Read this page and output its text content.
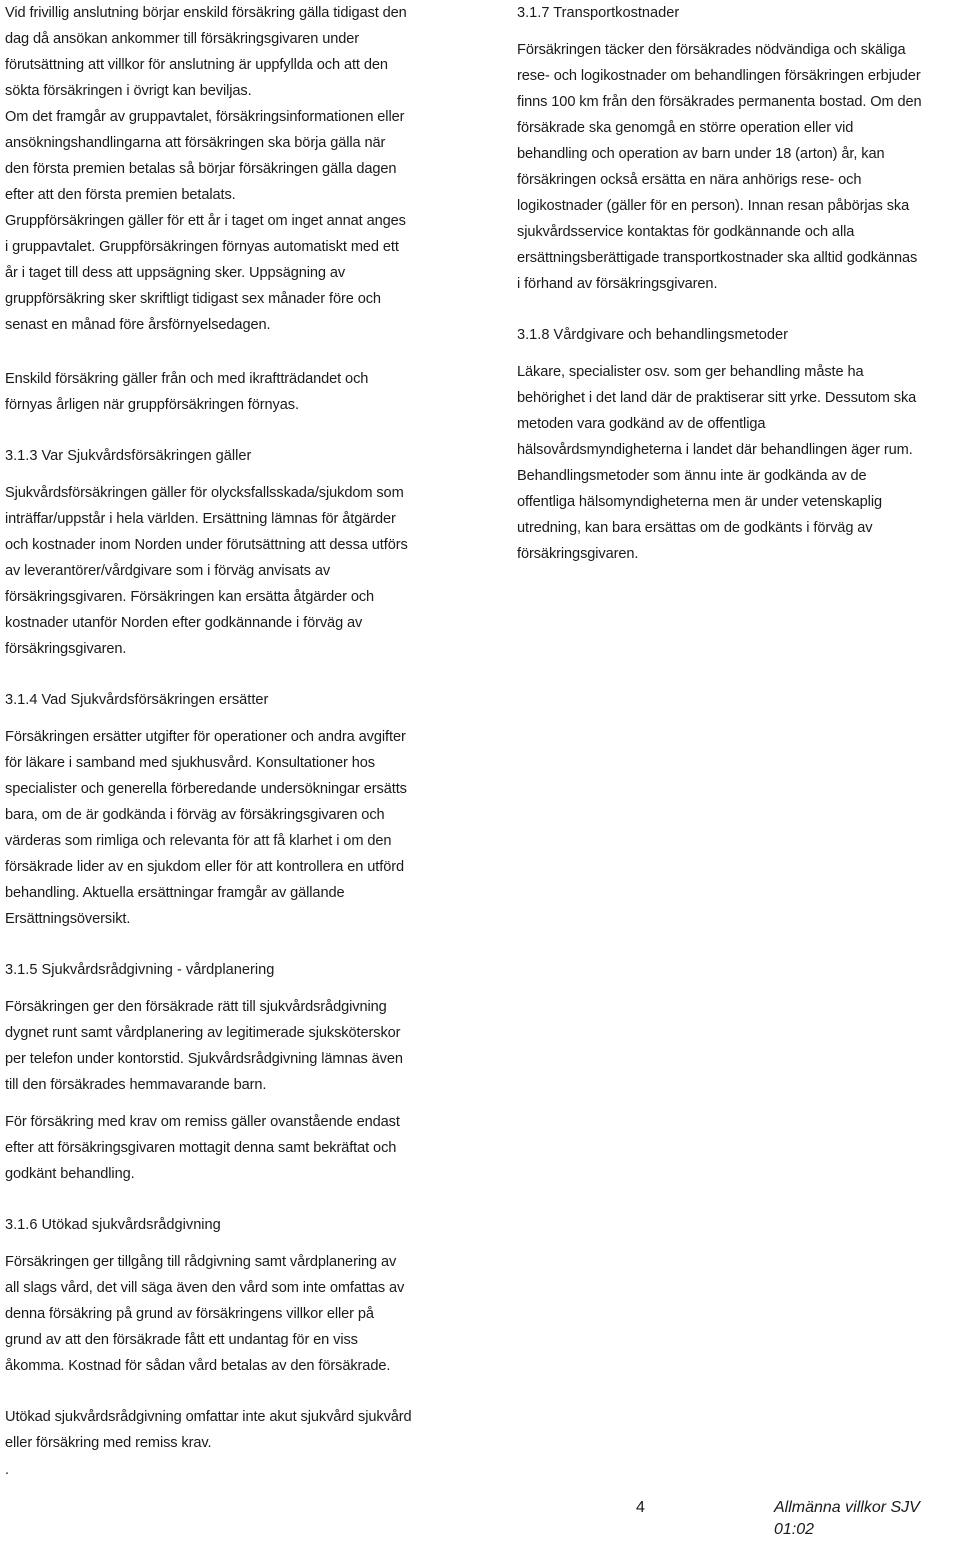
Vid frivillig anslutning börjar enskild försäkring gälla tidigast den
dag då ansökan ankommer till försäkringsgivaren under
förutsättning att villkor för anslutning är uppfyllda och att den
sökta försäkringen i övrigt kan beviljas.
Om det framgår av gruppavtalet, försäkringsinformationen eller
ansökningshandlingarna att försäkringen ska börja gälla när
den första premien betalas så börjar försäkringen gälla dagen
efter att den första premien betalats.
Gruppförsäkringen gäller för ett år i taget om inget annat anges
i gruppavtalet. Gruppförsäkringen förnyas automatiskt med ett
år i taget till dess att uppsägning sker. Uppsägning av
gruppförsäkring sker skriftligt tidigast sex månader före och
senast en månad före årsförnyelsedagen.

Enskild försäkring gäller från och med ikraftträdandet och
förnyas årligen när gruppförsäkringen förnyas.

3.1.3 Var Sjukvårdsförsäkringen gäller

Sjukvårdsförsäkringen gäller för olycksfallsskada/sjukdom som
inträffar/uppstår i hela världen. Ersättning lämnas för åtgärder
och kostnader inom Norden under förutsättning att dessa utförs
av leverantörer/vårdgivare som i förväg anvisats av
försäkringsgivaren. Försäkringen kan ersätta åtgärder och
kostnader utanför Norden efter godkännande i förväg av
försäkringsgivaren.

3.1.4 Vad Sjukvårdsförsäkringen ersätter

Försäkringen ersätter utgifter för operationer och andra avgifter
för läkare i samband med sjukhusvård. Konsultationer hos
specialister och generella förberedande undersökningar ersätts
bara, om de är godkända i förväg av försäkringsgivaren och
värderas som rimliga och relevanta för att få klarhet i om den
försäkrade lider av en sjukdom eller för att kontrollera en utförd
behandling. Aktuella ersättningar framgår av gällande
Ersättningsöversikt.

3.1.5 Sjukvårdsrådgivning - vårdplanering

Försäkringen ger den försäkrade rätt till sjukvårdsrådgivning
dygnet runt samt vårdplanering av legitimerade sjuksköterskor
per telefon under kontorstid. Sjukvårdsrådgivning lämnas även
till den försäkrades hemmavarande barn.

För försäkring med krav om remiss gäller ovanstående endast
efter att försäkringsgivaren mottagit denna samt bekräftat och
godkänt behandling.

3.1.6 Utökad sjukvårdsrådgivning

Försäkringen ger tillgång till rådgivning samt vårdplanering av
all slags vård, det vill säga även den vård som inte omfattas av
denna försäkring på grund av försäkringens villkor eller på
grund av att den försäkrade fått ett undantag för en viss
åkomma. Kostnad för sådan vård betalas av den försäkrade.

Utökad sjukvårdsrådgivning omfattar inte akut sjukvård sjukvård
eller försäkring med remiss krav.

3.1.7 Transportkostnader

Försäkringen täcker den försäkrades nödvändiga och skäliga
rese- och logikostnader om behandlingen försäkringen erbjuder
finns 100 km från den försäkrades permanenta bostad. Om den
försäkrade ska genomgå en större operation eller vid
behandling och operation av barn under 18 (arton) år, kan
försäkringen också ersätta en nära anhörigs rese- och
logikostnader (gäller för en person). Innan resan påbörjas ska
sjukvårdsservice kontaktas för godkännande och alla
ersättningsberättigade transportkostnader ska alltid godkännas
i förhand av försäkringsgivaren.

3.1.8 Vårdgivare och behandlingsmetoder

Läkare, specialister osv. som ger behandling måste ha
behörighet i det land där de praktiserar sitt yrke. Dessutom ska
metoden vara godkänd av de offentliga
hälsovårdsmyndigheterna i landet där behandlingen äger rum.
Behandlingsmetoder som ännu inte är godkända av de
offentliga hälsomyndigheterna men är under vetenskaplig
utredning, kan bara ersättas om de godkänts i förväg av
försäkringsgivaren.

.
4	Allmänna villkor SJV 01:02
